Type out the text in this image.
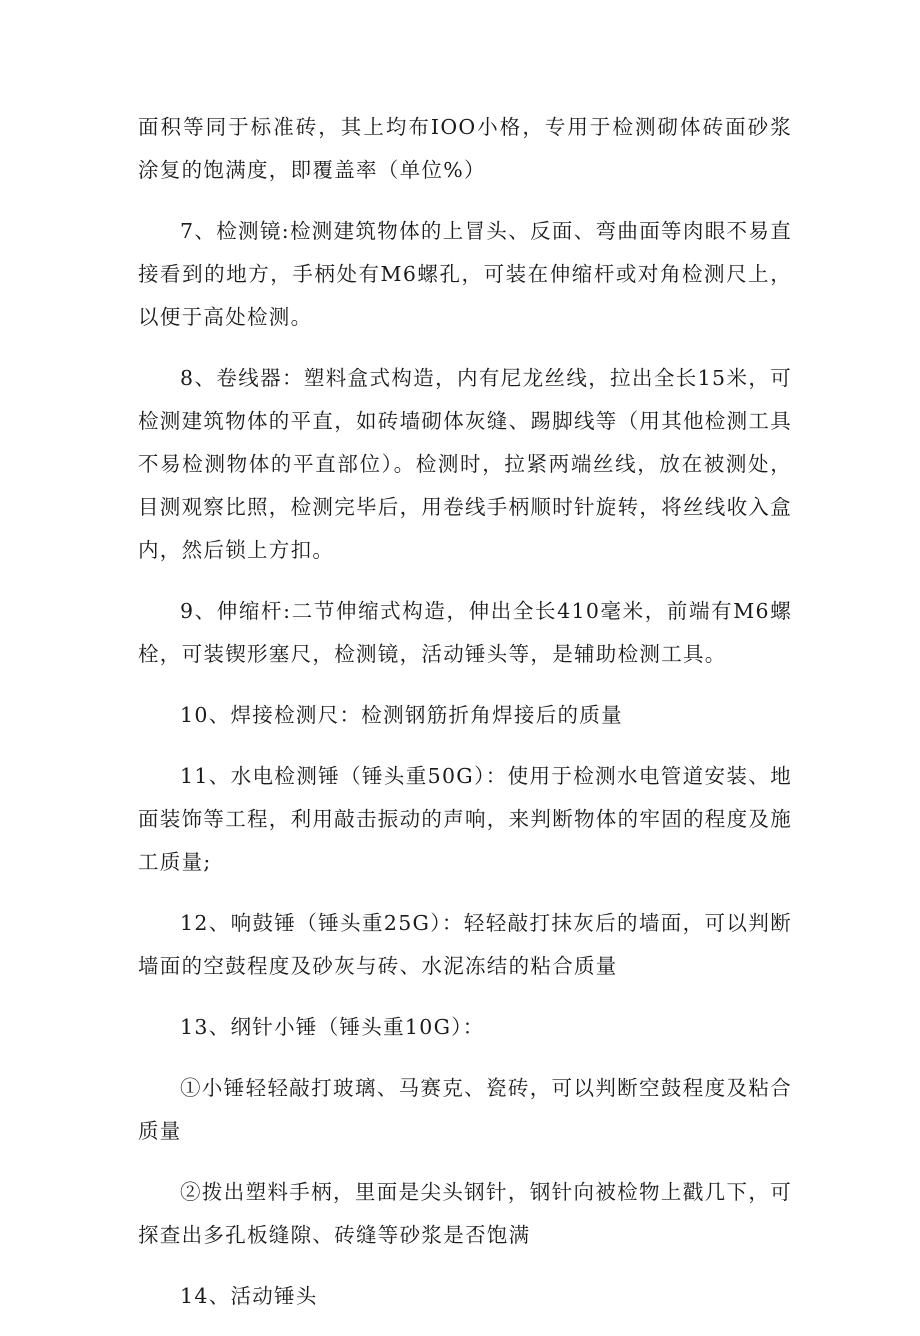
面积等同于标准砖，其上均布IOO小格，专用于检测砌体砖面砂浆涂复的饱满度，即覆盖率（单位%）

7、检测镜:检测建筑物体的上冒头、反面、弯曲面等肉眼不易直接看到的地方，手柄处有M6螺孔，可装在伸缩杆或对角检测尺上，以便于高处检测。

8、卷线器：塑料盒式构造，内有尼龙丝线，拉出全长15米，可检测建筑物体的平直，如砖墙砌体灰缝、踢脚线等（用其他检测工具不易检测物体的平直部位）。检测时，拉紧两端丝线，放在被测处，目测观察比照，检测完毕后，用卷线手柄顺时针旋转，将丝线收入盒内，然后锁上方扣。

9、伸缩杆:二节伸缩式构造，伸出全长410毫米，前端有M6螺栓，可装锲形塞尺，检测镜，活动锤头等，是辅助检测工具。

10、焊接检测尺：检测钢筋折角焊接后的质量

11、水电检测锤（锤头重50G）：使用于检测水电管道安装、地面装饰等工程，利用敲击振动的声响，来判断物体的牢固的程度及施工质量;

12、响鼓锤（锤头重25G）：轻轻敲打抹灰后的墙面，可以判断墙面的空鼓程度及砂灰与砖、水泥冻结的粘合质量

13、纲针小锤（锤头重10G）：

①小锤轻轻敲打玻璃、马赛克、瓷砖，可以判断空鼓程度及粘合质量

②拨出塑料手柄，里面是尖头钢针，钢针向被检物上戳几下，可探查出多孔板缝隙、砖缝等砂浆是否饱满

14、活动锤头
